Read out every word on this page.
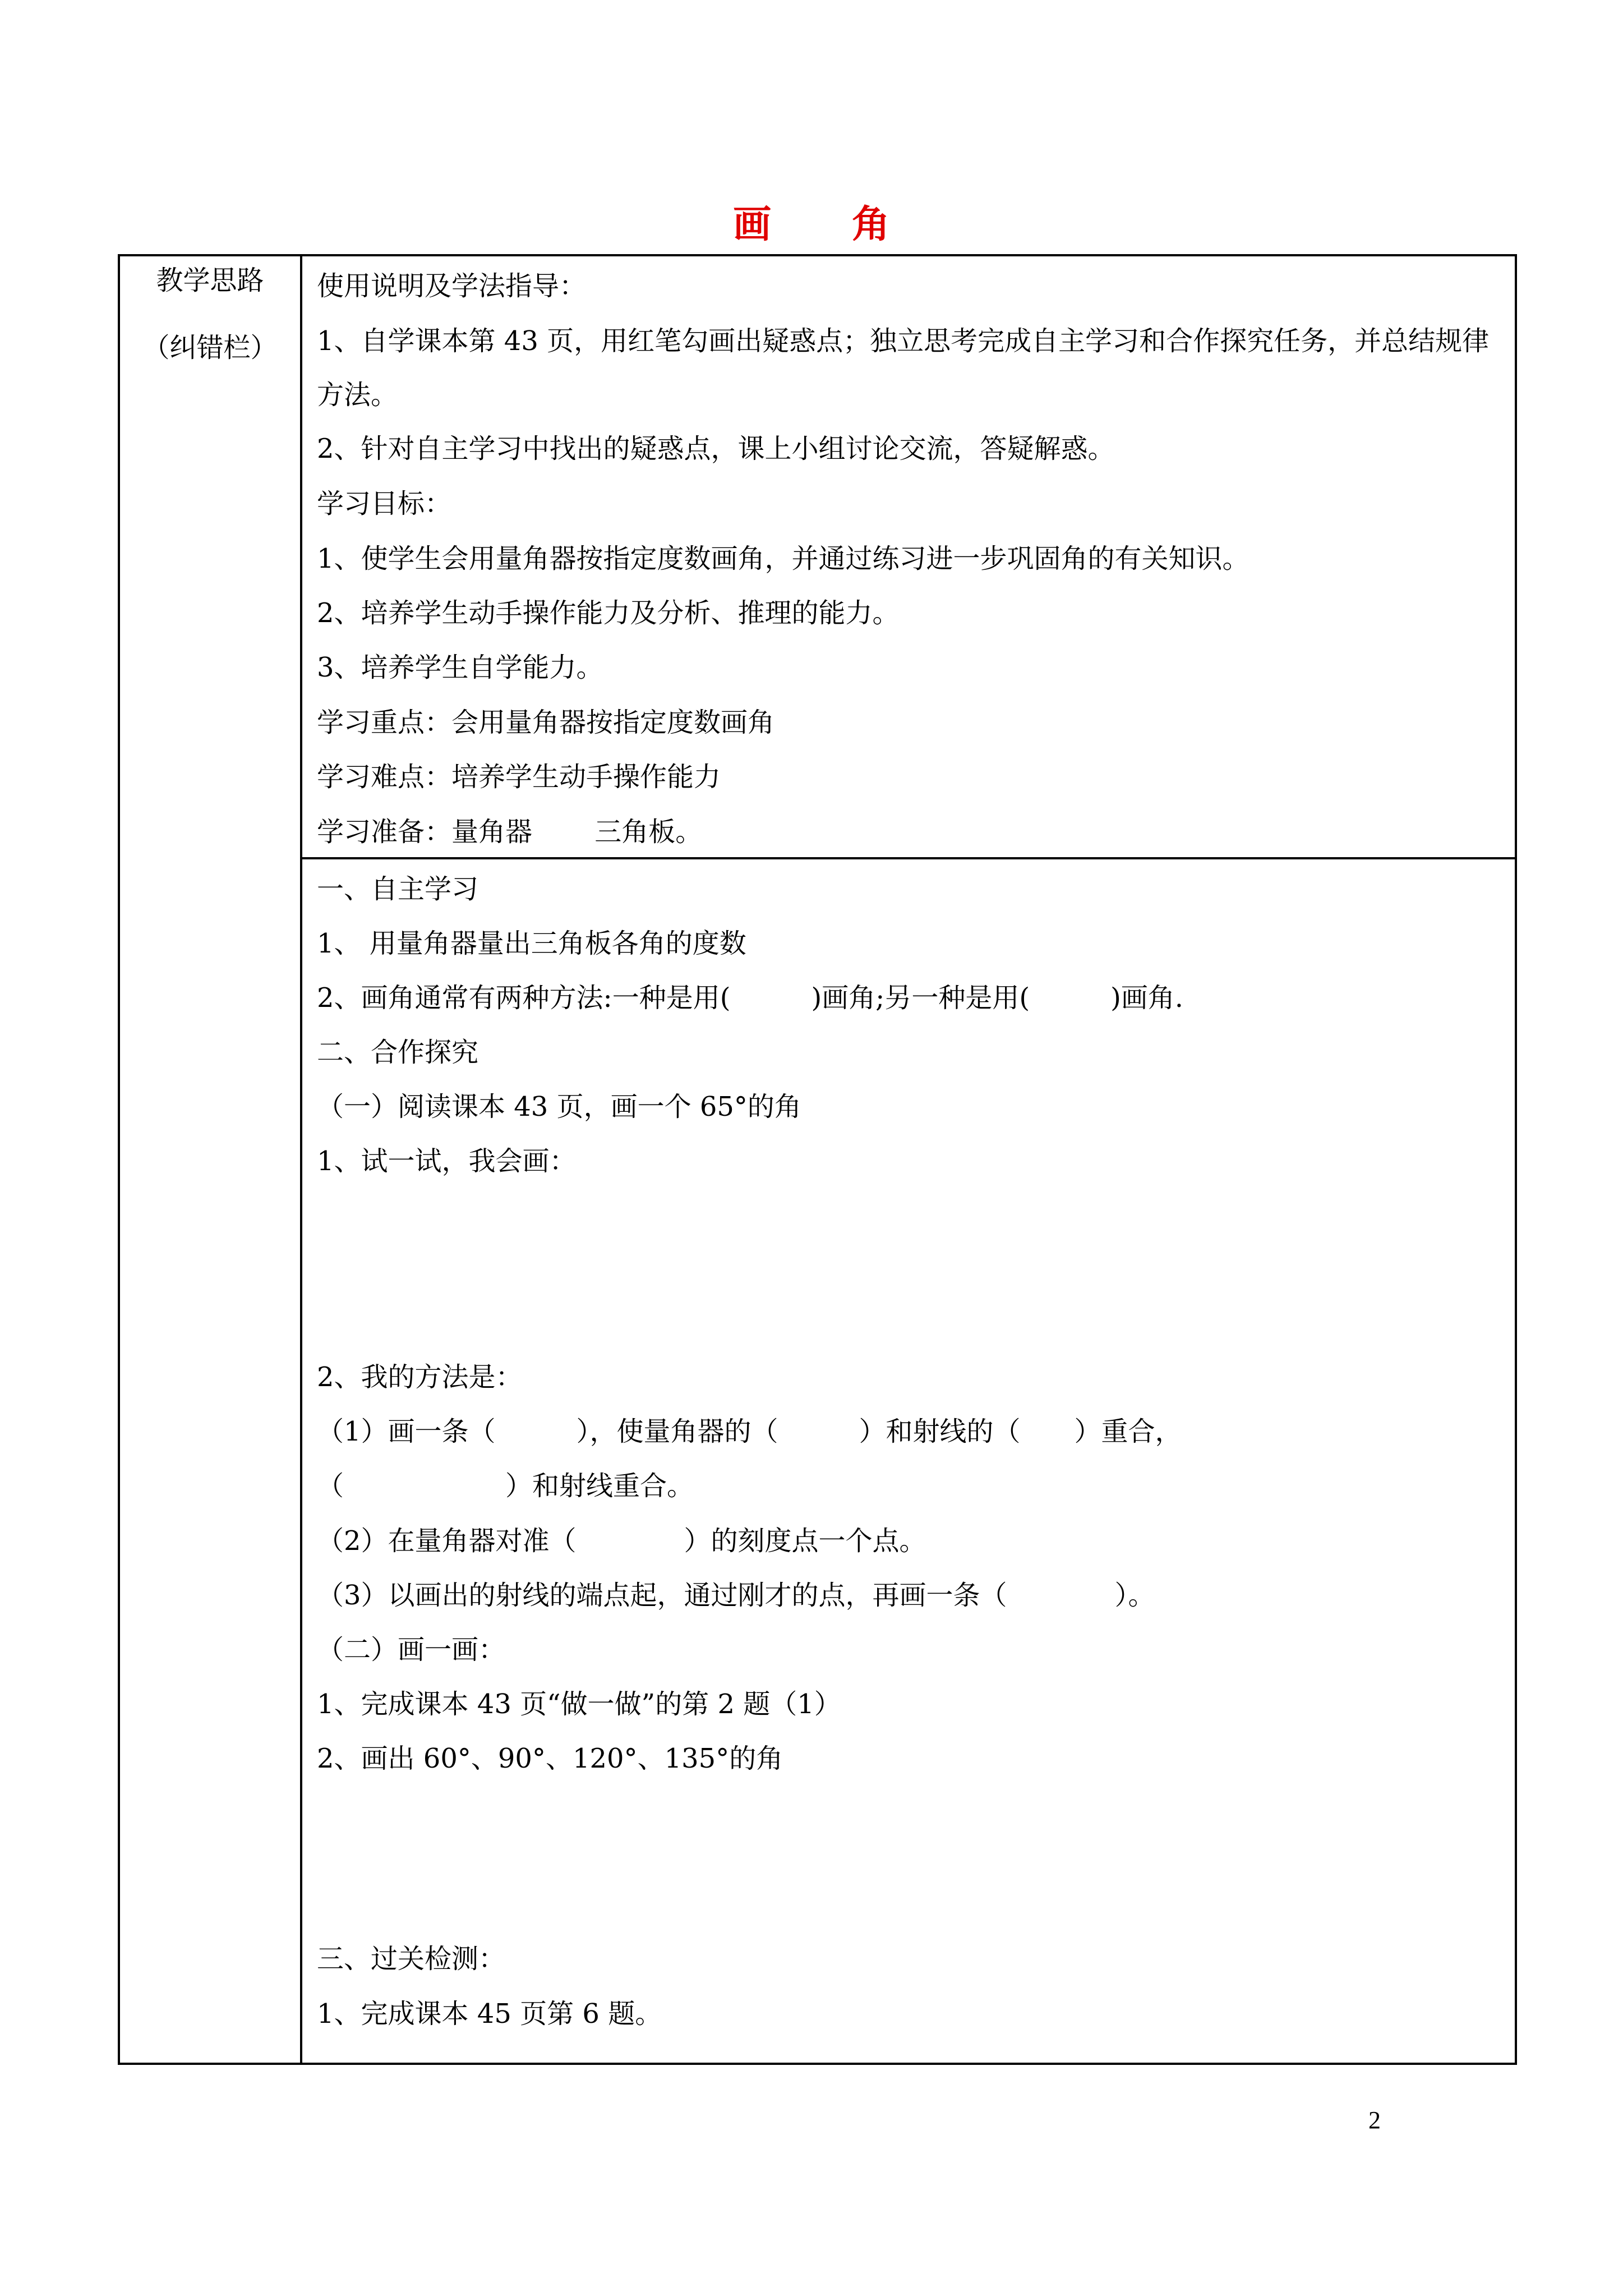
画 角
教学思路
（纠错栏）
使用说明及学法指导：
1、自学课本第 43 页，用红笔勾画出疑惑点；独立思考完成自主学习和合作探究任务，并总结规律方法。
2、针对自主学习中找出的疑惑点，课上小组讨论交流，答疑解惑。
学习目标：
1、使学生会用量角器按指定度数画角，并通过练习进一步巩固角的有关知识。
2、培养学生动手操作能力及分析、推理的能力。
3、培养学生自学能力。
学习重点：会用量角器按指定度数画角
学习难点：培养学生动手操作能力
学习准备：量角器　　 三角板。
一、自主学习
1、 用量角器量出三角板各角的度数
2、画角通常有两种方法:一种是用(　　　)画角;另一种是用(　　　)画角.
二、合作探究
（一）阅读课本 43 页，画一个 65°的角
1、试一试，我会画：
2、我的方法是：
（1）画一条（　　　），使量角器的（　　　）和射线的（　　）重合，
（　　　　　　）和射线重合。
（2）在量角器对准（　　　　）的刻度点一个点。
（3）以画出的射线的端点起，通过刚才的点，再画一条（　　　　）。
（二）画一画：
1、完成课本 43 页“做一做”的第 2 题（1）
2、画出 60°、90°、120°、135°的角
三、过关检测：
1、完成课本 45 页第 6 题。
2
